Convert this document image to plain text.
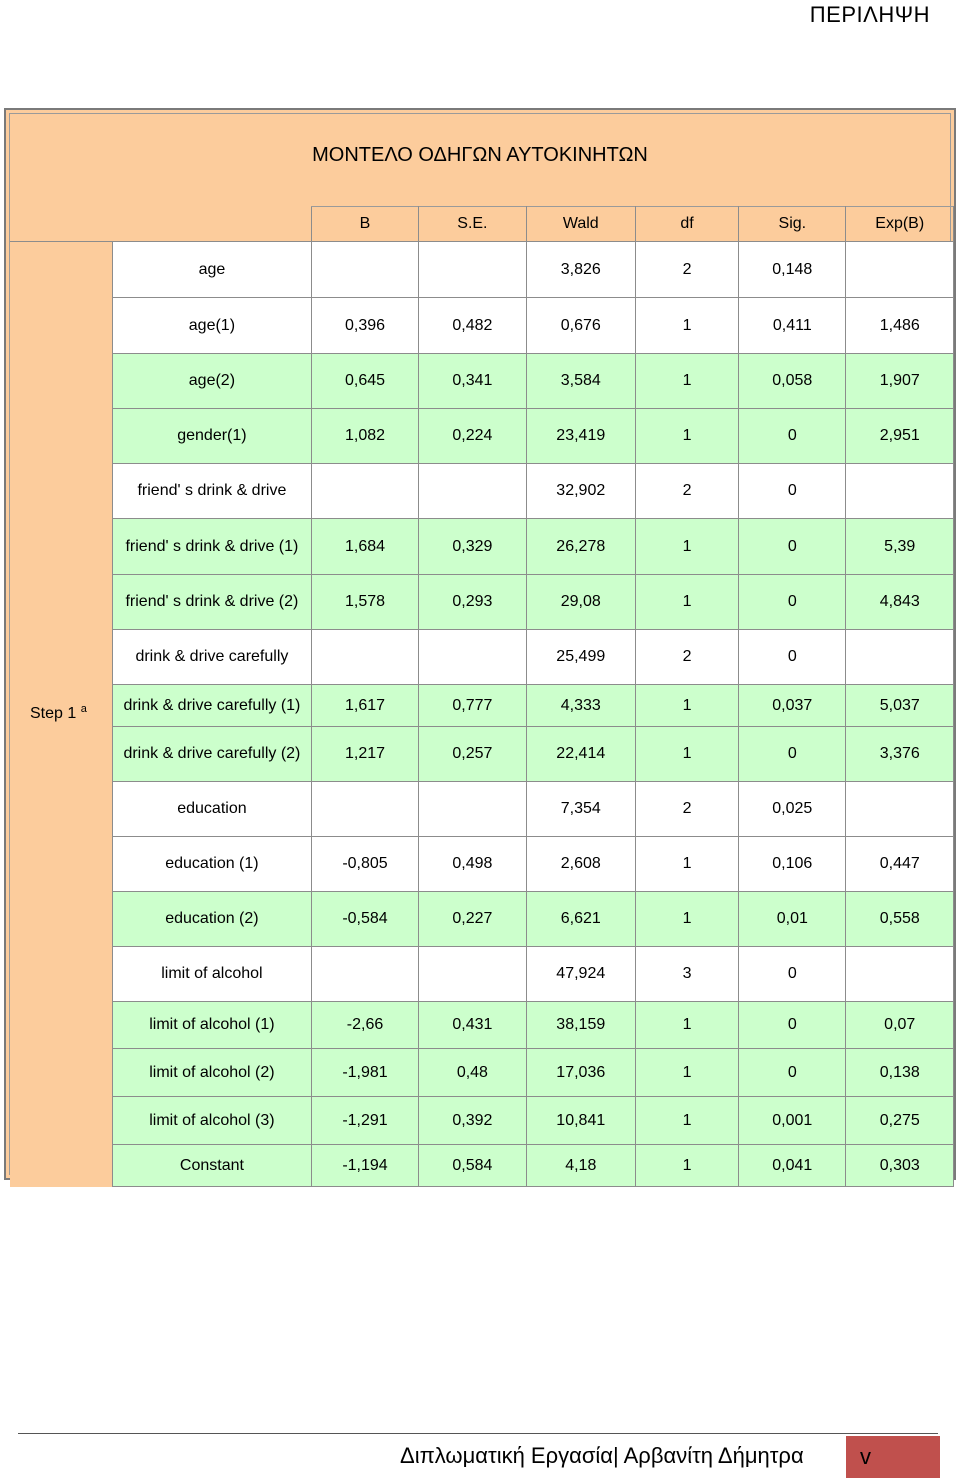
ΠΕΡΙΛΗΨΗ
ΜΟΝΤΕΛΟ ΟΔΗΓΩΝ ΑΥΤΟΚΙΝΗΤΩΝ
		B	S.E.	Wald	df	Sig.	Exp(B)
Step 1 $^a$	age			3,826	2	0,148	
	age(1)	0,396	0,482	0,676	1	0,411	1,486
	age(2)	0,645	0,341	3,584	1	0,058	1,907
	gender(1)	1,082	0,224	23,419	1	0	2,951
	friend' s drink & drive			32,902	2	0	
	friend' s drink & drive (1)	1,684	0,329	26,278	1	0	5,39
	friend' s drink & drive (2)	1,578	0,293	29,08	1	0	4,843
	drink & drive carefully			25,499	2	0	
	drink & drive carefully (1)	1,617	0,777	4,333	1	0,037	5,037
	drink & drive carefully (2)	1,217	0,257	22,414	1	0	3,376
	education			7,354	2	0,025	
	education (1)	-0,805	0,498	2,608	1	0,106	0,447
	education (2)	-0,584	0,227	6,621	1	0,01	0,558
	limit of alcohol			47,924	3	0	
	limit of alcohol (1)	-2,66	0,431	38,159	1	0	0,07
	limit of alcohol (2)	-1,981	0,48	17,036	1	0	0,138
	limit of alcohol (3)	-1,291	0,392	10,841	1	0,001	0,275
	Constant	-1,194	0,584	4,18	1	0,041	0,303
Διπλωματική Εργασία| Αρβανίτη Δήμητρα	v
